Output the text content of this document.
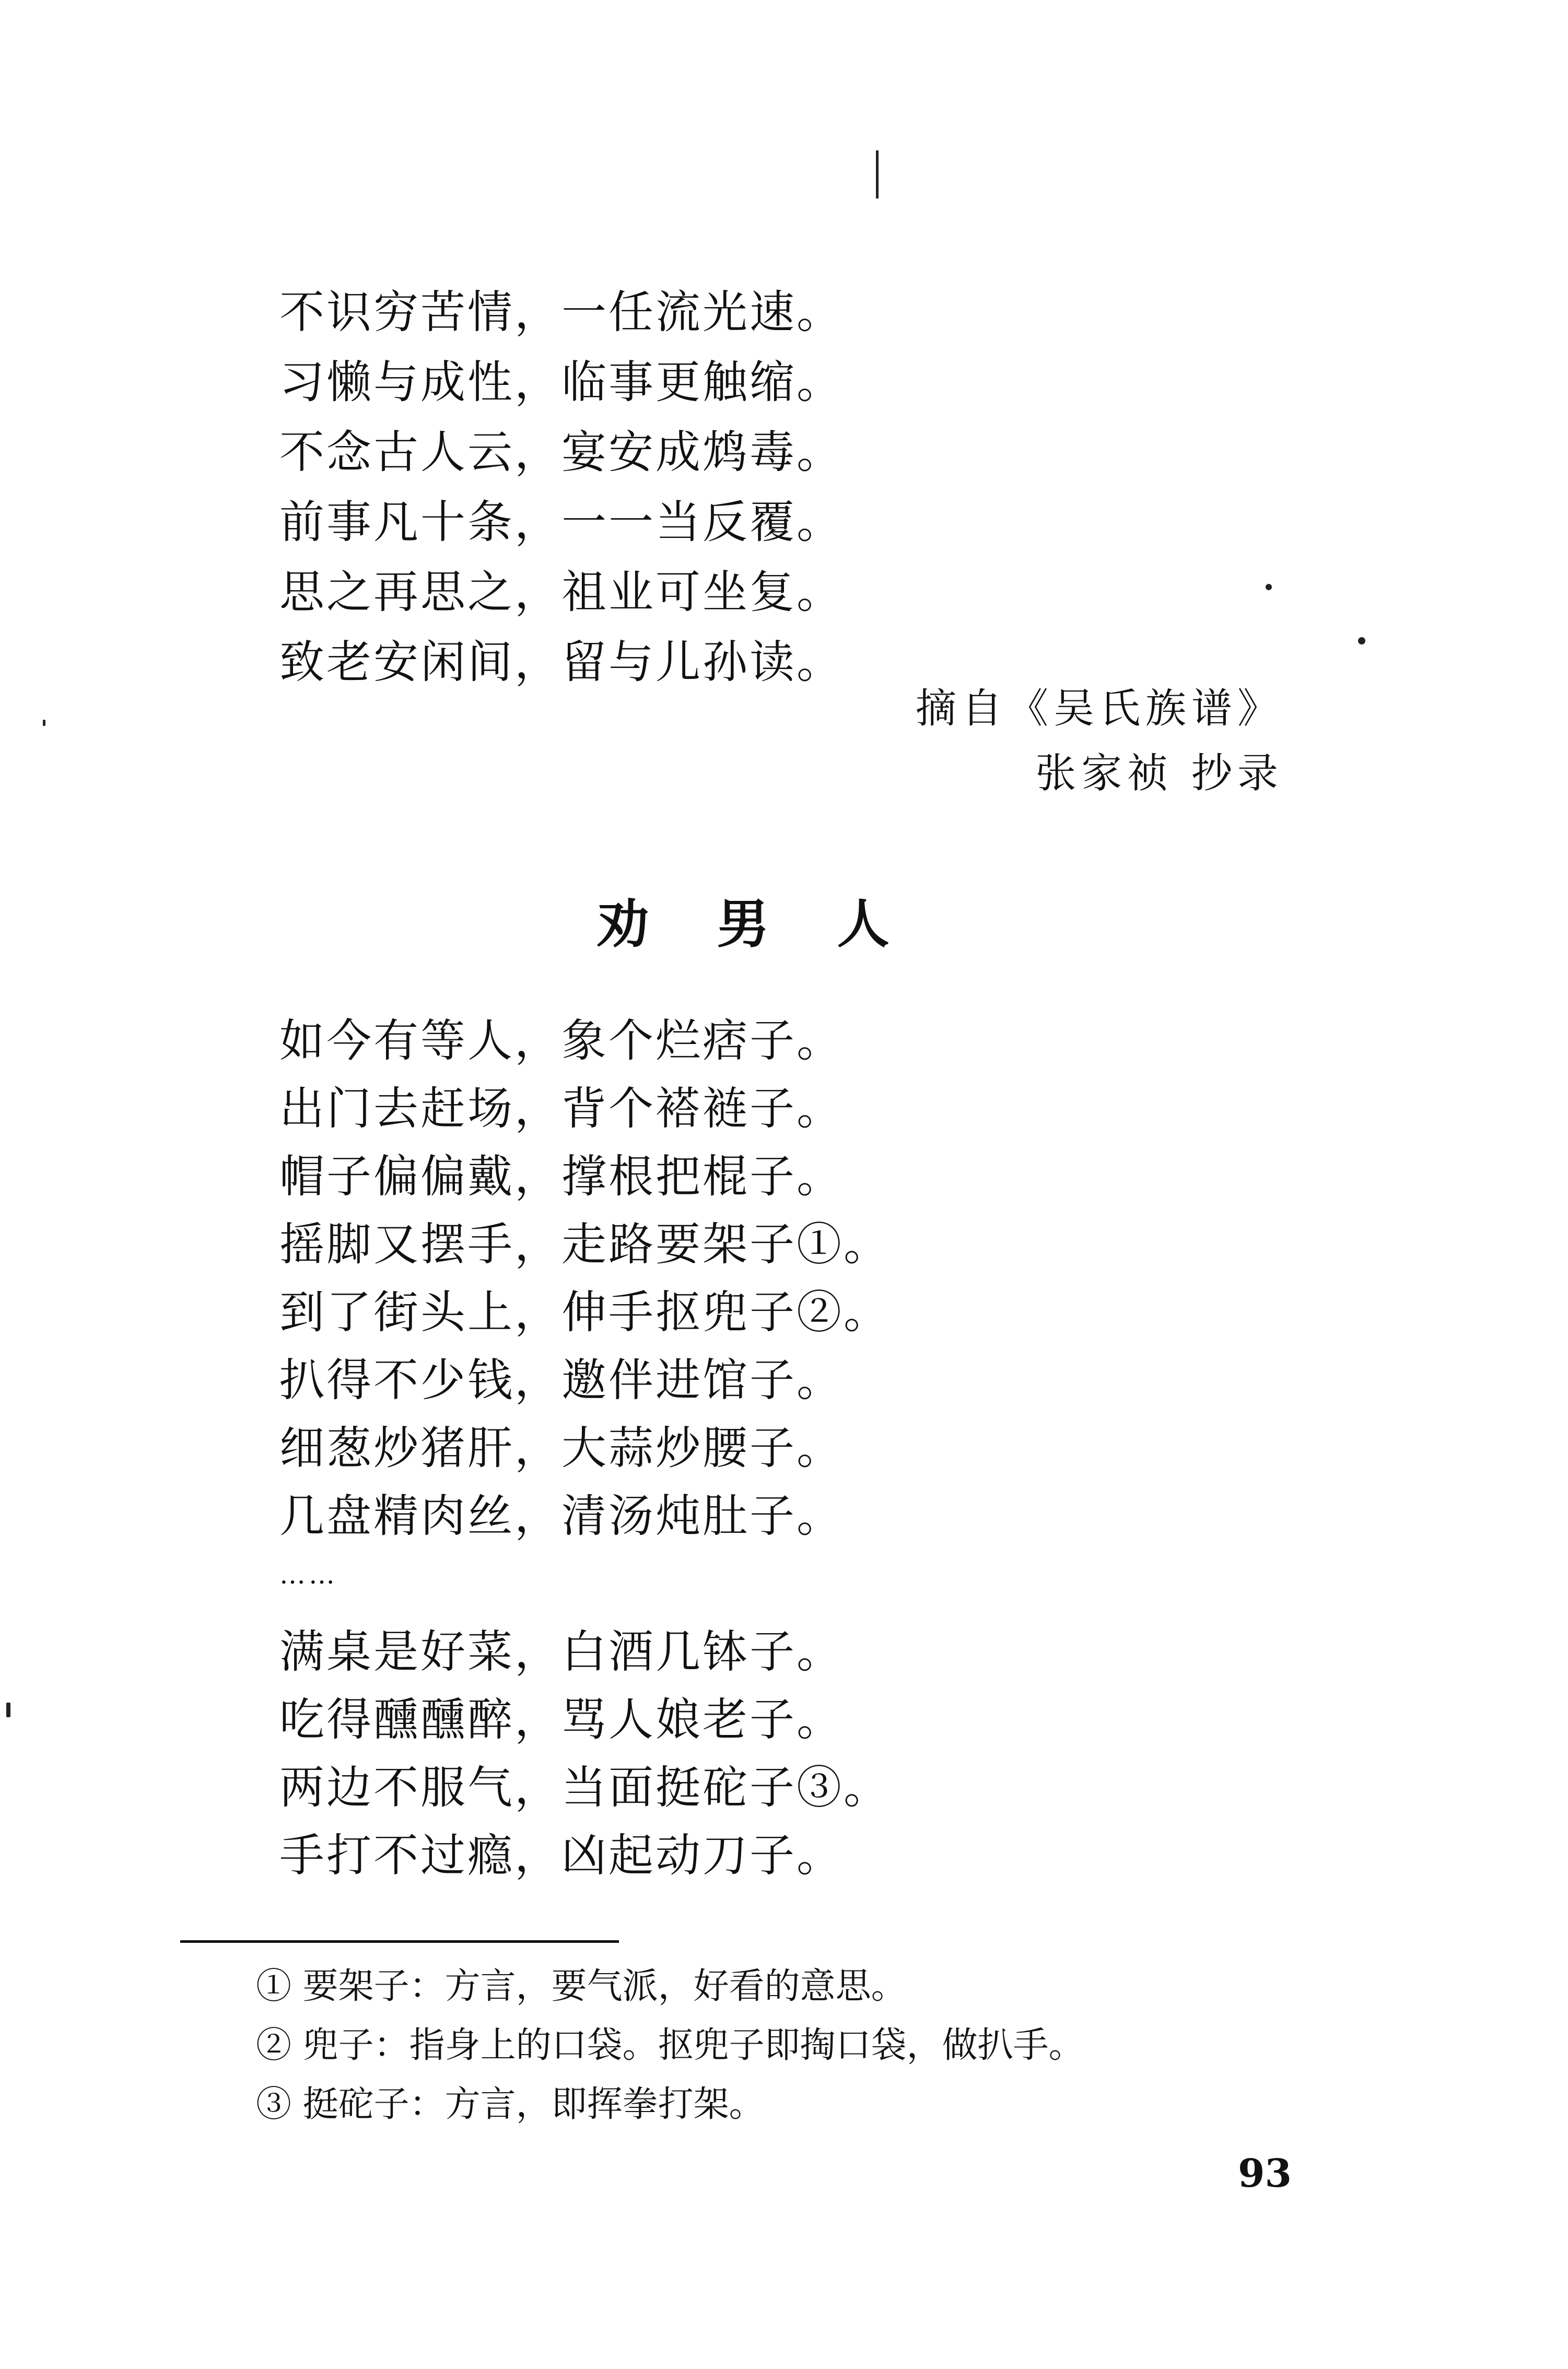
不识穷苦情，一任流光速。
习懒与成性，临事更触缩。
不念古人云，宴安成鸩毒。
前事凡十条，一一当反覆。
思之再思之，祖业可坐复。
致老安闲间，留与儿孙读。
摘自《吴氏族谱》
张家祯 抄录
劝男人
如今有等人，象个烂痞子。
出门去赶场，背个褡裢子。
帽子偏偏戴，撑根把棍子。
摇脚又摆手，走路要架子①。
到了街头上，伸手抠兜子②。
扒得不少钱，邀伴进馆子。
细葱炒猪肝，大蒜炒腰子。
几盘精肉丝，清汤炖肚子。
……
满桌是好菜，白酒几钵子。
吃得醺醺醉，骂人娘老子。
两边不服气，当面挺砣子③。
手打不过瘾，凶起动刀子。
① 要架子：方言，要气派，好看的意思。
② 兜子：指身上的口袋。抠兜子即掏口袋，做扒手。
③ 挺砣子：方言，即挥拳打架。
93
